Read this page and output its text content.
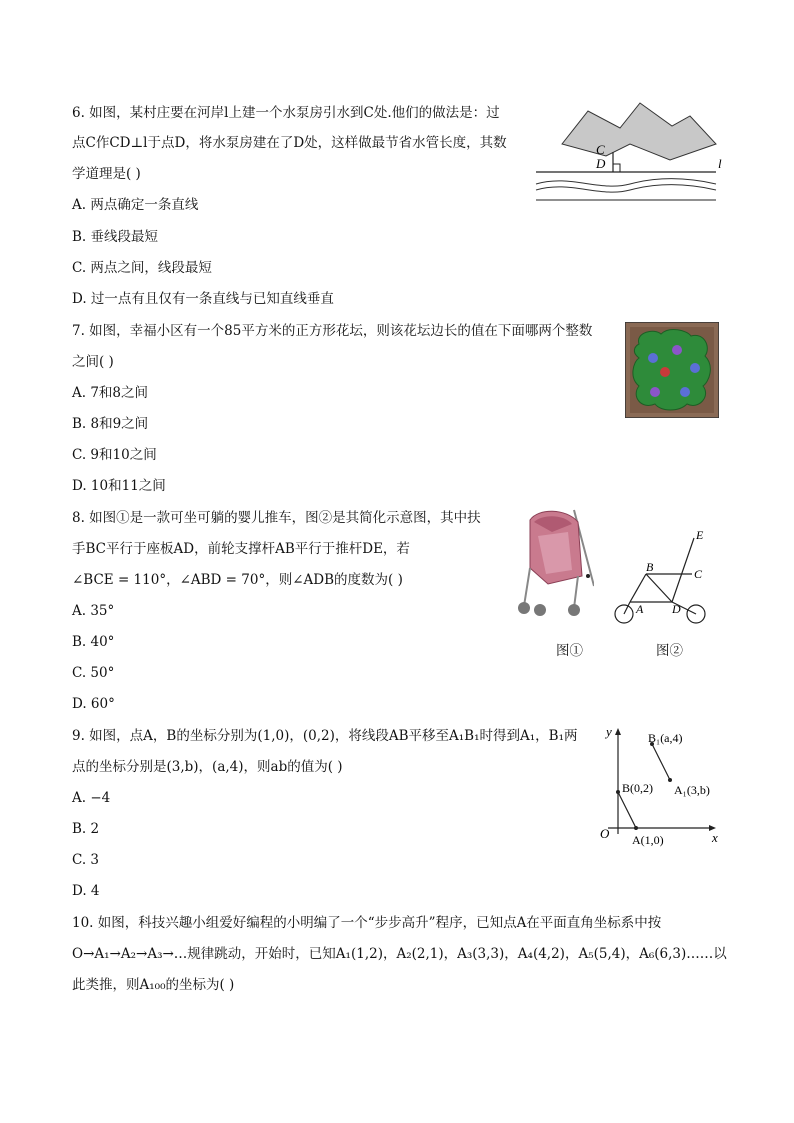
6. 如图，某村庄要在河岸l上建一个水泵房引水到C处.他们的做法是：过
点C作CD⊥l于点D，将水泵房建在了D处，这样做最节省水管长度，其数
学道理是( )
A. 两点确定一条直线
B. 垂线段最短
C. 两点之间，线段最短
D. 过一点有且仅有一条直线与已知直线垂直
C
D	l
7. 如图，幸福小区有一个85平方米的正方形花坛，则该花坛边长的值在下面哪两个整数
之间( )
A. 7和8之间
B. 8和9之间
C. 9和10之间
D. 10和11之间
8. 如图①是一款可坐可躺的婴儿推车，图②是其简化示意图，其中扶
手BC平行于座板AD，前轮支撑杆AB平行于推杆DE，若
∠BCE = 110°，∠ABD = 70°，则∠ADB的度数为( )
A. 35°
B. 40°
C. 50°
D. 60°
E
B	C
A D
图①	图②
9. 如图，点A，B的坐标分别为(1,0)，(0,2)，将线段AB平移至A₁B₁时得到A₁，B₁两
点的坐标分别是(3,b)，(a,4)，则ab的值为( )
A. −4
B. 2
C. 3
D. 4
y
x
O
B(0,2)
A(1,0)
B₁(a,4)
A₁(3,b)
10. 如图，科技兴趣小组爱好编程的小明编了一个“步步高升”程序，已知点A在平面直角坐标系中按
O→A₁→A₂→A₃→…规律跳动，开始时，已知A₁(1,2)，A₂(2,1)，A₃(3,3)，A₄(4,2)，A₅(5,4)，A₆(6,3)……以
此类推，则A₁₀₀的坐标为( )
